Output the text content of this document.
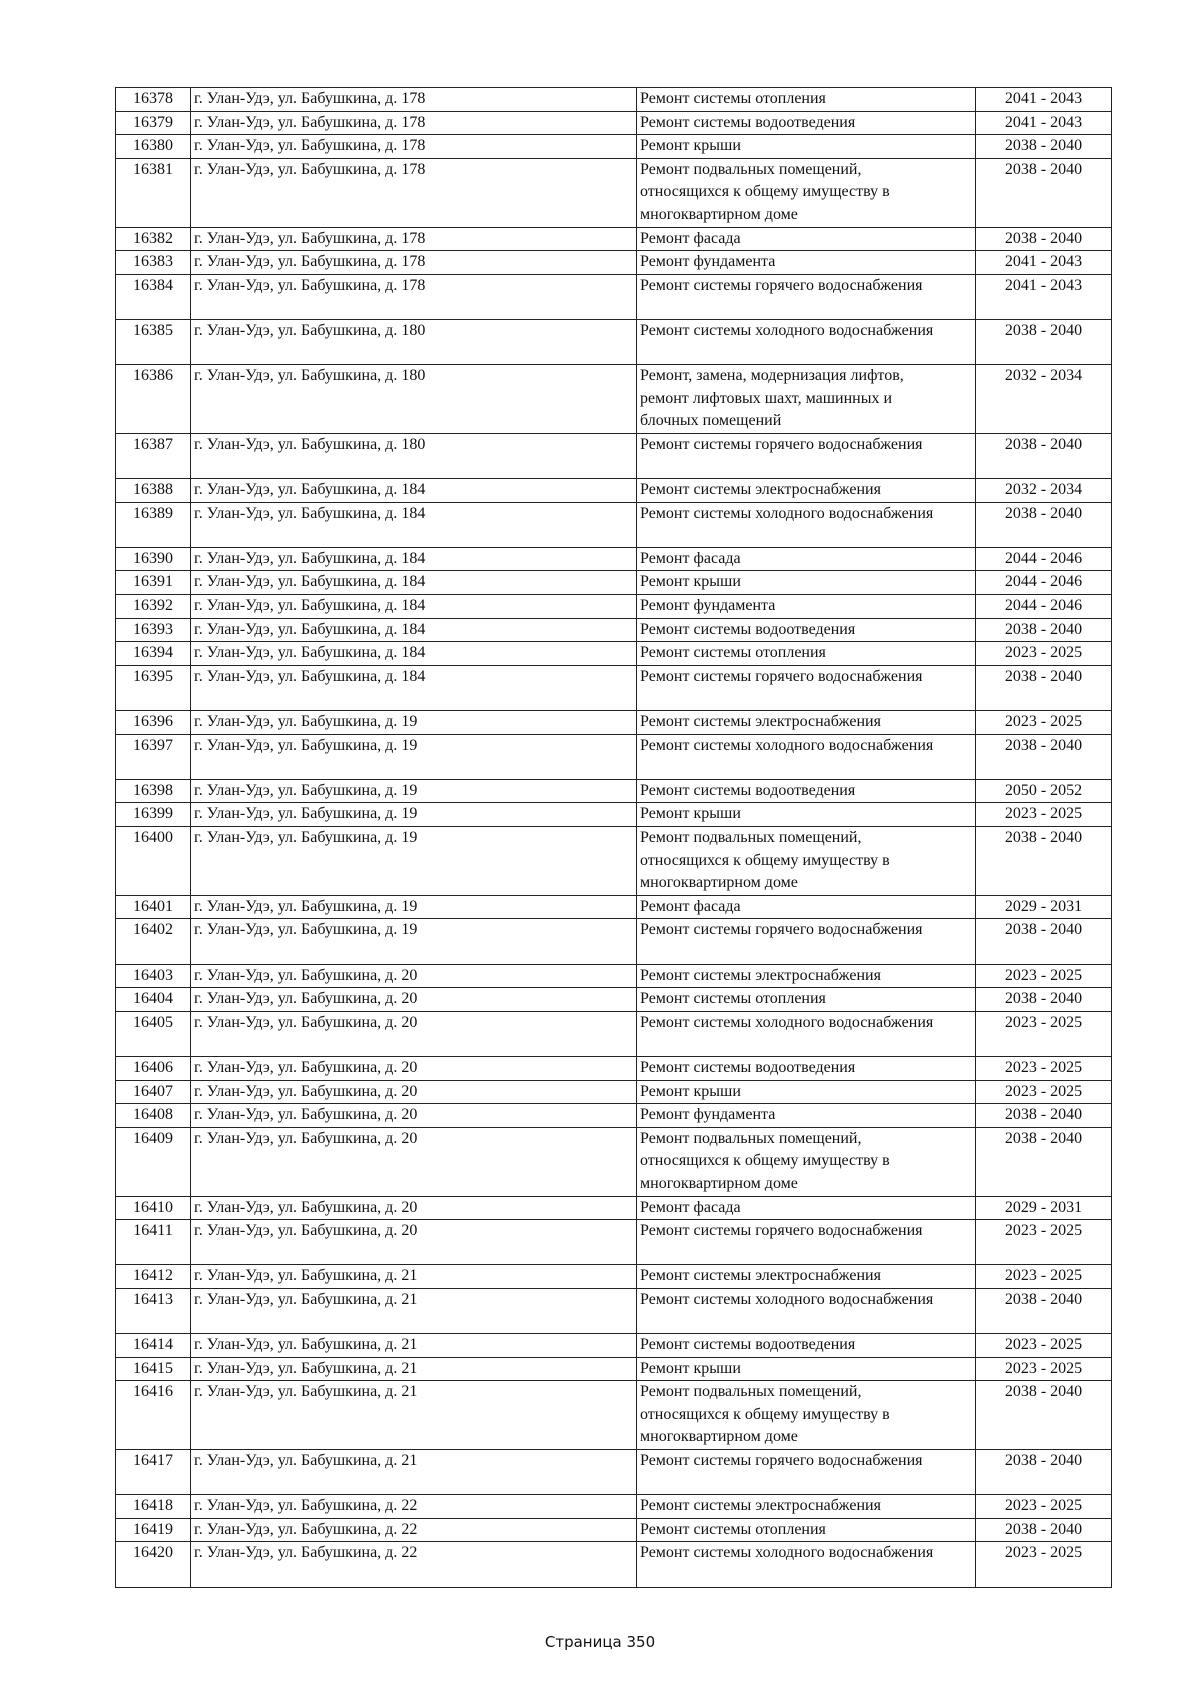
16378	г. Улан-Удэ, ул. Бабушкина, д. 178	Ремонт системы отопления	2041 - 2043
16379	г. Улан-Удэ, ул. Бабушкина, д. 178	Ремонт системы водоотведения	2041 - 2043
16380	г. Улан-Удэ, ул. Бабушкина, д. 178	Ремонт крыши	2038 - 2040
16381	г. Улан-Удэ, ул. Бабушкина, д. 178	Ремонт подвальных помещений,
относящихся к общему имуществу в
многоквартирном доме	2038 - 2040
16382	г. Улан-Удэ, ул. Бабушкина, д. 178	Ремонт фасада	2038 - 2040
16383	г. Улан-Удэ, ул. Бабушкина, д. 178	Ремонт фундамента	2041 - 2043
16384	г. Улан-Удэ, ул. Бабушкина, д. 178	Ремонт системы горячего водоснабжения	2041 - 2043
16385	г. Улан-Удэ, ул. Бабушкина, д. 180	Ремонт системы холодного водоснабжения	2038 - 2040
16386	г. Улан-Удэ, ул. Бабушкина, д. 180	Ремонт, замена, модернизация лифтов,
ремонт лифтовых шахт, машинных и
блочных помещений	2032 - 2034
16387	г. Улан-Удэ, ул. Бабушкина, д. 180	Ремонт системы горячего водоснабжения	2038 - 2040
16388	г. Улан-Удэ, ул. Бабушкина, д. 184	Ремонт системы электроснабжения	2032 - 2034
16389	г. Улан-Удэ, ул. Бабушкина, д. 184	Ремонт системы холодного водоснабжения	2038 - 2040
16390	г. Улан-Удэ, ул. Бабушкина, д. 184	Ремонт фасада	2044 - 2046
16391	г. Улан-Удэ, ул. Бабушкина, д. 184	Ремонт крыши	2044 - 2046
16392	г. Улан-Удэ, ул. Бабушкина, д. 184	Ремонт фундамента	2044 - 2046
16393	г. Улан-Удэ, ул. Бабушкина, д. 184	Ремонт системы водоотведения	2038 - 2040
16394	г. Улан-Удэ, ул. Бабушкина, д. 184	Ремонт системы отопления	2023 - 2025
16395	г. Улан-Удэ, ул. Бабушкина, д. 184	Ремонт системы горячего водоснабжения	2038 - 2040
16396	г. Улан-Удэ, ул. Бабушкина, д. 19	Ремонт системы электроснабжения	2023 - 2025
16397	г. Улан-Удэ, ул. Бабушкина, д. 19	Ремонт системы холодного водоснабжения	2038 - 2040
16398	г. Улан-Удэ, ул. Бабушкина, д. 19	Ремонт системы водоотведения	2050 - 2052
16399	г. Улан-Удэ, ул. Бабушкина, д. 19	Ремонт крыши	2023 - 2025
16400	г. Улан-Удэ, ул. Бабушкина, д. 19	Ремонт подвальных помещений,
относящихся к общему имуществу в
многоквартирном доме	2038 - 2040
16401	г. Улан-Удэ, ул. Бабушкина, д. 19	Ремонт фасада	2029 - 2031
16402	г. Улан-Удэ, ул. Бабушкина, д. 19	Ремонт системы горячего водоснабжения	2038 - 2040
16403	г. Улан-Удэ, ул. Бабушкина, д. 20	Ремонт системы электроснабжения	2023 - 2025
16404	г. Улан-Удэ, ул. Бабушкина, д. 20	Ремонт системы отопления	2038 - 2040
16405	г. Улан-Удэ, ул. Бабушкина, д. 20	Ремонт системы холодного водоснабжения	2023 - 2025
16406	г. Улан-Удэ, ул. Бабушкина, д. 20	Ремонт системы водоотведения	2023 - 2025
16407	г. Улан-Удэ, ул. Бабушкина, д. 20	Ремонт крыши	2023 - 2025
16408	г. Улан-Удэ, ул. Бабушкина, д. 20	Ремонт фундамента	2038 - 2040
16409	г. Улан-Удэ, ул. Бабушкина, д. 20	Ремонт подвальных помещений,
относящихся к общему имуществу в
многоквартирном доме	2038 - 2040
16410	г. Улан-Удэ, ул. Бабушкина, д. 20	Ремонт фасада	2029 - 2031
16411	г. Улан-Удэ, ул. Бабушкина, д. 20	Ремонт системы горячего водоснабжения	2023 - 2025
16412	г. Улан-Удэ, ул. Бабушкина, д. 21	Ремонт системы электроснабжения	2023 - 2025
16413	г. Улан-Удэ, ул. Бабушкина, д. 21	Ремонт системы холодного водоснабжения	2038 - 2040
16414	г. Улан-Удэ, ул. Бабушкина, д. 21	Ремонт системы водоотведения	2023 - 2025
16415	г. Улан-Удэ, ул. Бабушкина, д. 21	Ремонт крыши	2023 - 2025
16416	г. Улан-Удэ, ул. Бабушкина, д. 21	Ремонт подвальных помещений,
относящихся к общему имуществу в
многоквартирном доме	2038 - 2040
16417	г. Улан-Удэ, ул. Бабушкина, д. 21	Ремонт системы горячего водоснабжения	2038 - 2040
16418	г. Улан-Удэ, ул. Бабушкина, д. 22	Ремонт системы электроснабжения	2023 - 2025
16419	г. Улан-Удэ, ул. Бабушкина, д. 22	Ремонт системы отопления	2038 - 2040
16420	г. Улан-Удэ, ул. Бабушкина, д. 22	Ремонт системы холодного водоснабжения	2023 - 2025
Страница 350
